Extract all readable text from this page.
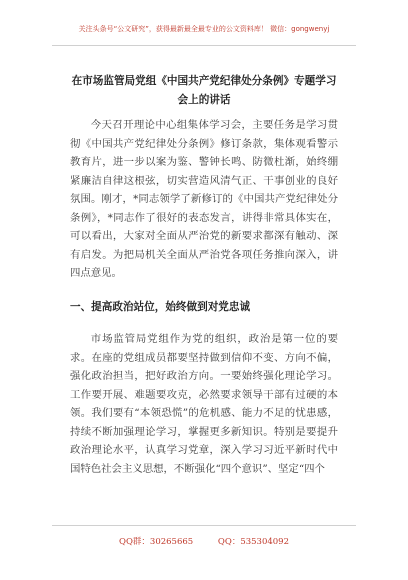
关注头条号“公文研究”，获得最新最全最专业的公文资料库！ 微信：gongwenyj
在市场监管局党组《中国共产党纪律处分条例》专题学习
会上的讲话

今天召开理论中心组集体学习会，主要任务是学习贯彻《中国共产党纪律处分条例》修订条款，集体观看警示教育片，进一步以案为鉴、警钟长鸣、防微杜渐，始终绷紧廉洁自律这根弦，切实营造风清气正、干事创业的良好氛围。刚才，*同志领学了新修订的《中国共产党纪律处分条例》，*同志作了很好的表态发言，讲得非常具体实在，可以看出，大家对全面从严治党的新要求都深有触动、深有启发。为把局机关全面从严治党各项任务推向深入，讲四点意见。

一、提高政治站位，始终做到对党忠诚

市场监管局党组作为党的组织，政治是第一位的要求。在座的党组成员都要坚持做到信仰不变、方向不偏，强化政治担当，把好政治方向。一要始终强化理论学习。工作要开展、难题要攻克，必然要求领导干部有过硬的本领。我们要有“本领恐慌”的危机感、能力不足的忧患感，持续不断加强理论学习，掌握更多新知识。特别是要提升政治理论水平，认真学习党章，深入学习习近平新时代中国特色社会主义思想，不断强化“四个意识”、坚定“四个

QQ群：30265665	QQ：535304092
